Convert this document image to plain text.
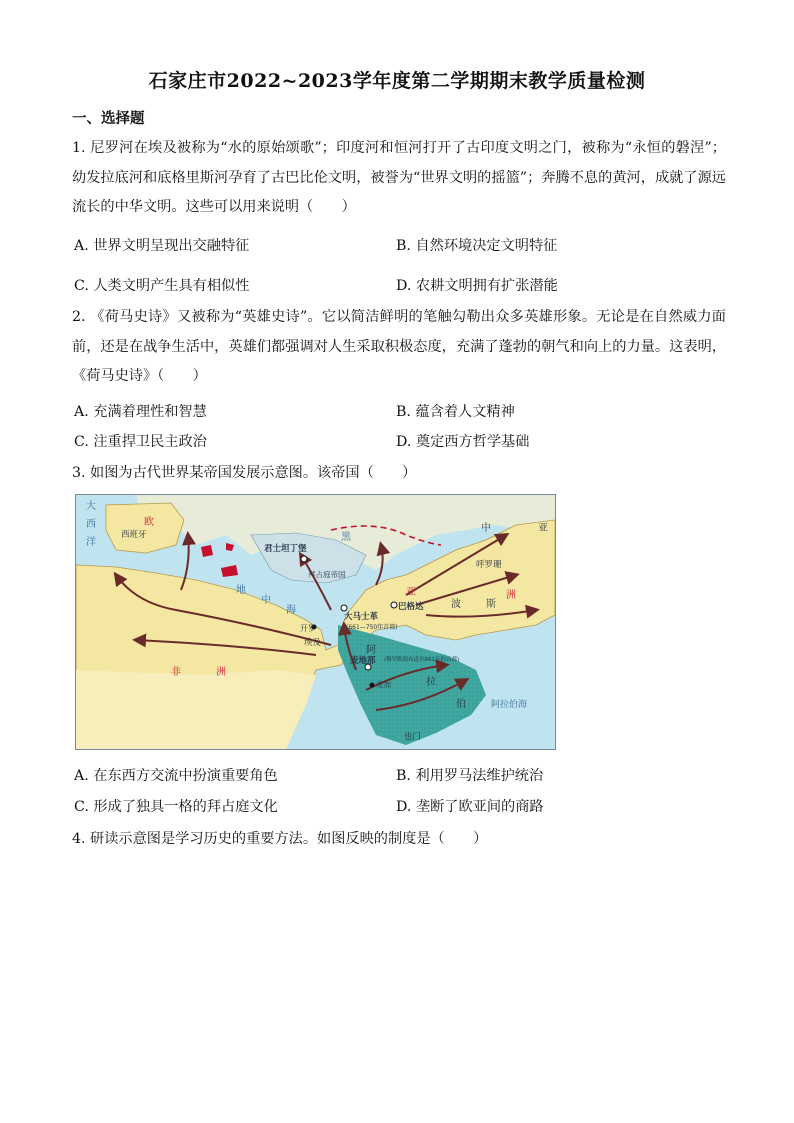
石家庄市2022~2023学年度第二学期期末教学质量检测
一、选择题
1. 尼罗河在埃及被称为“水的原始颂歌”；印度河和恒河打开了古印度文明之门，被称为“永恒的磐涅”；幼发拉底河和底格里斯河孕育了古巴比伦文明，被誉为“世界文明的摇篮”；奔腾不息的黄河，成就了源远流长的中华文明。这些可以用来说明（　　）
A. 世界文明呈现出交融特征	B. 自然环境决定文明特征
C. 人类文明产生具有相似性	D. 农耕文明拥有扩张潜能
2. 《荷马史诗》又被称为“英雄史诗”。它以简洁鲜明的笔触勾勒出众多英雄形象。无论是在自然威力面前，还是在战争生活中，英雄们都强调对人生采取积极态度，充满了蓬勃的朝气和向上的力量。这表明，《荷马史诗》（　　）
A. 充满着理性和智慧	B. 蕴含着人文精神
C. 注重捍卫民主政治	D. 奠定西方哲学基础
3. 如图为古代世界某帝国发展示意图。该帝国（　　）
大
西
洋
欧
西班牙
君士坦丁堡
拜占庭帝国
黑
地
中
海
中	亚
呼罗珊
亚
巴格达
大马士革
(661—750年首都)
波	斯
洲
开罗
埃及
非	洲
麦地那 (穆罕默德布道至661年的首都)
麦加
阿
拉
伯	阿拉伯海
也门
A. 在东西方交流中扮演重要角色	B. 利用罗马法维护统治
C. 形成了独具一格的拜占庭文化	D. 垄断了欧亚间的商路
4. 研读示意图是学习历史的重要方法。如图反映的制度是（　　）
